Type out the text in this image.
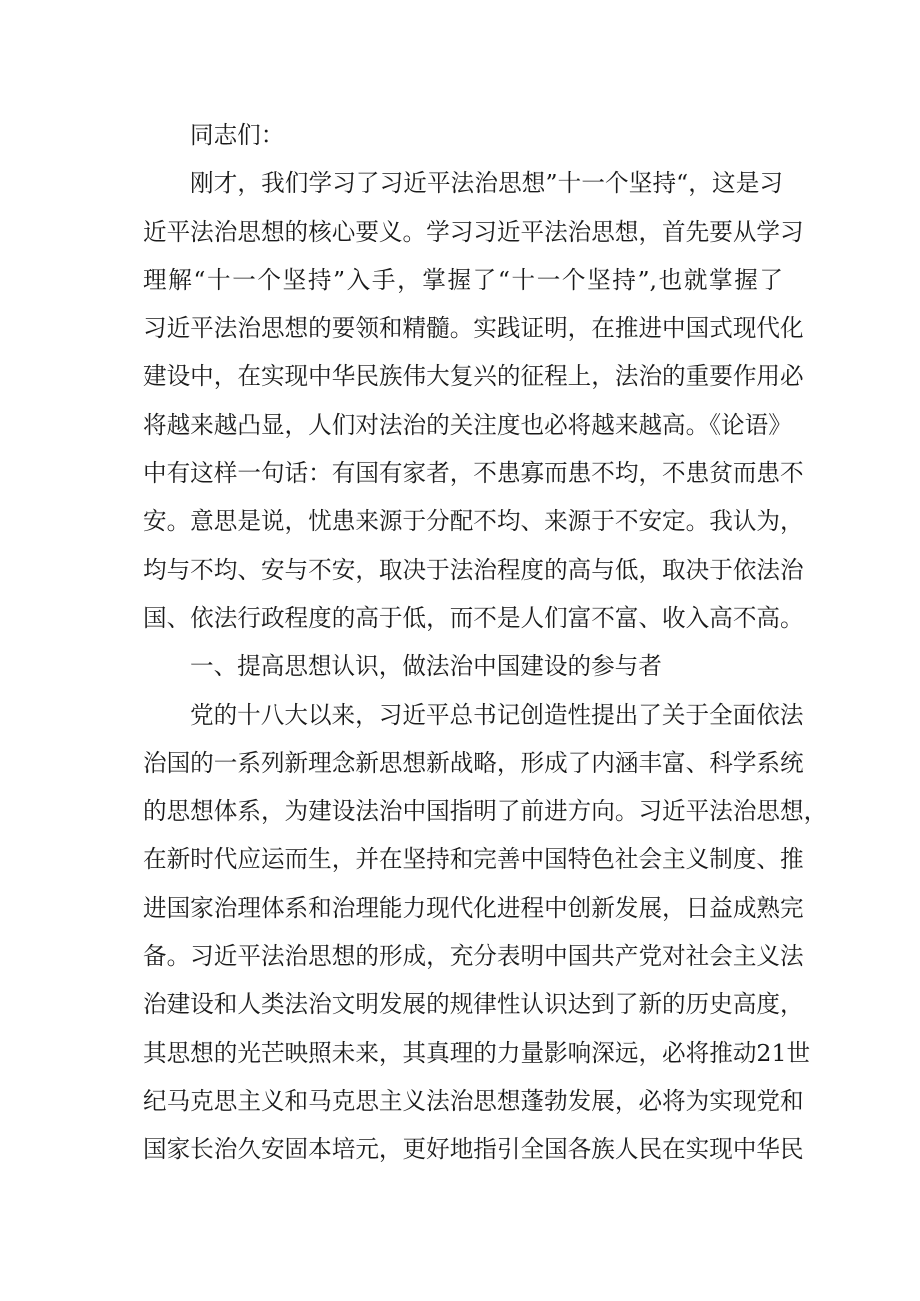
同志们：
刚才，我们学习了习近平法治思想”十一个坚持“，这是习
近平法治思想的核心要义。学习习近平法治思想，首先要从学习
理解“十一个坚持”入手，掌握了“十一个坚持”,也就掌握了
习近平法治思想的要领和精髓。实践证明，在推进中国式现代化
建设中，在实现中华民族伟大复兴的征程上，法治的重要作用必
将越来越凸显，人们对法治的关注度也必将越来越高。《论语》
中有这样一句话：有国有家者，不患寡而患不均，不患贫而患不
安。意思是说，忧患来源于分配不均、来源于不安定。我认为，
均与不均、安与不安，取决于法治程度的高与低，取决于依法治
国、依法行政程度的高于低，而不是人们富不富、收入高不高。
一、提高思想认识，做法治中国建设的参与者
党的十八大以来，习近平总书记创造性提出了关于全面依法
治国的一系列新理念新思想新战略，形成了内涵丰富、科学系统
的思想体系，为建设法治中国指明了前进方向。习近平法治思想，
在新时代应运而生，并在坚持和完善中国特色社会主义制度、推
进国家治理体系和治理能力现代化进程中创新发展，日益成熟完
备。习近平法治思想的形成，充分表明中国共产党对社会主义法
治建设和人类法治文明发展的规律性认识达到了新的历史高度，
其思想的光芒映照未来，其真理的力量影响深远，必将推动21世
纪马克思主义和马克思主义法治思想蓬勃发展，必将为实现党和
国家长治久安固本培元，更好地指引全国各族人民在实现中华民
